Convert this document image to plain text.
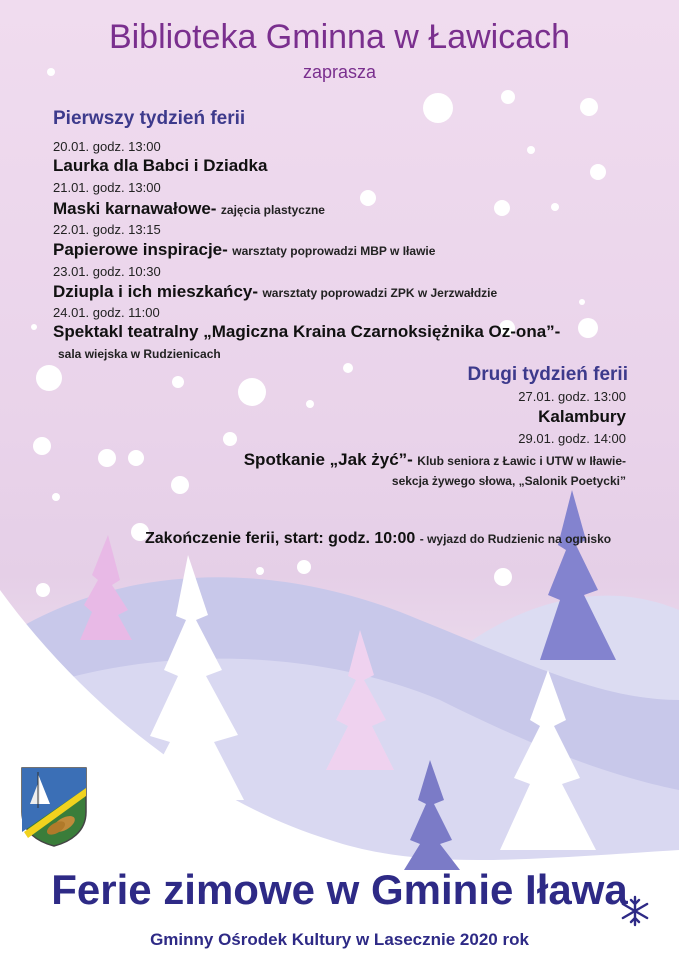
Biblioteka Gminna w Ławicach
zaprasza
Pierwszy tydzień ferii
20.01. godz. 13:00
Laurka dla Babci i Dziadka
21.01. godz. 13:00
Maski karnawałowe- zajęcia plastyczne
22.01. godz. 13:15
Papierowe inspiracje- warsztaty poprowadzi MBP w Iławie
23.01. godz. 10:30
Dziupla i ich mieszkańcy- warsztaty poprowadzi ZPK w Jerzwałdzie
24.01. godz. 11:00
Spektakl teatralny „Magiczna Kraina Czarnoksiężnika Oz-ona”-
sala wiejska w Rudzienicach
Drugi tydzień ferii
27.01. godz. 13:00
Kalambury
29.01. godz. 14:00
Spotkanie „Jak żyć”- Klub seniora z Ławic i UTW w Iławie-
sekcja żywego słowa, „Salonik Poetycki”
Zakończenie ferii, start: godz. 10:00 - wyjazd do Rudzienic na ognisko
Ferie zimowe w Gminie Iława
Gminny Ośrodek Kultury w Lasecznie 2020 rok
